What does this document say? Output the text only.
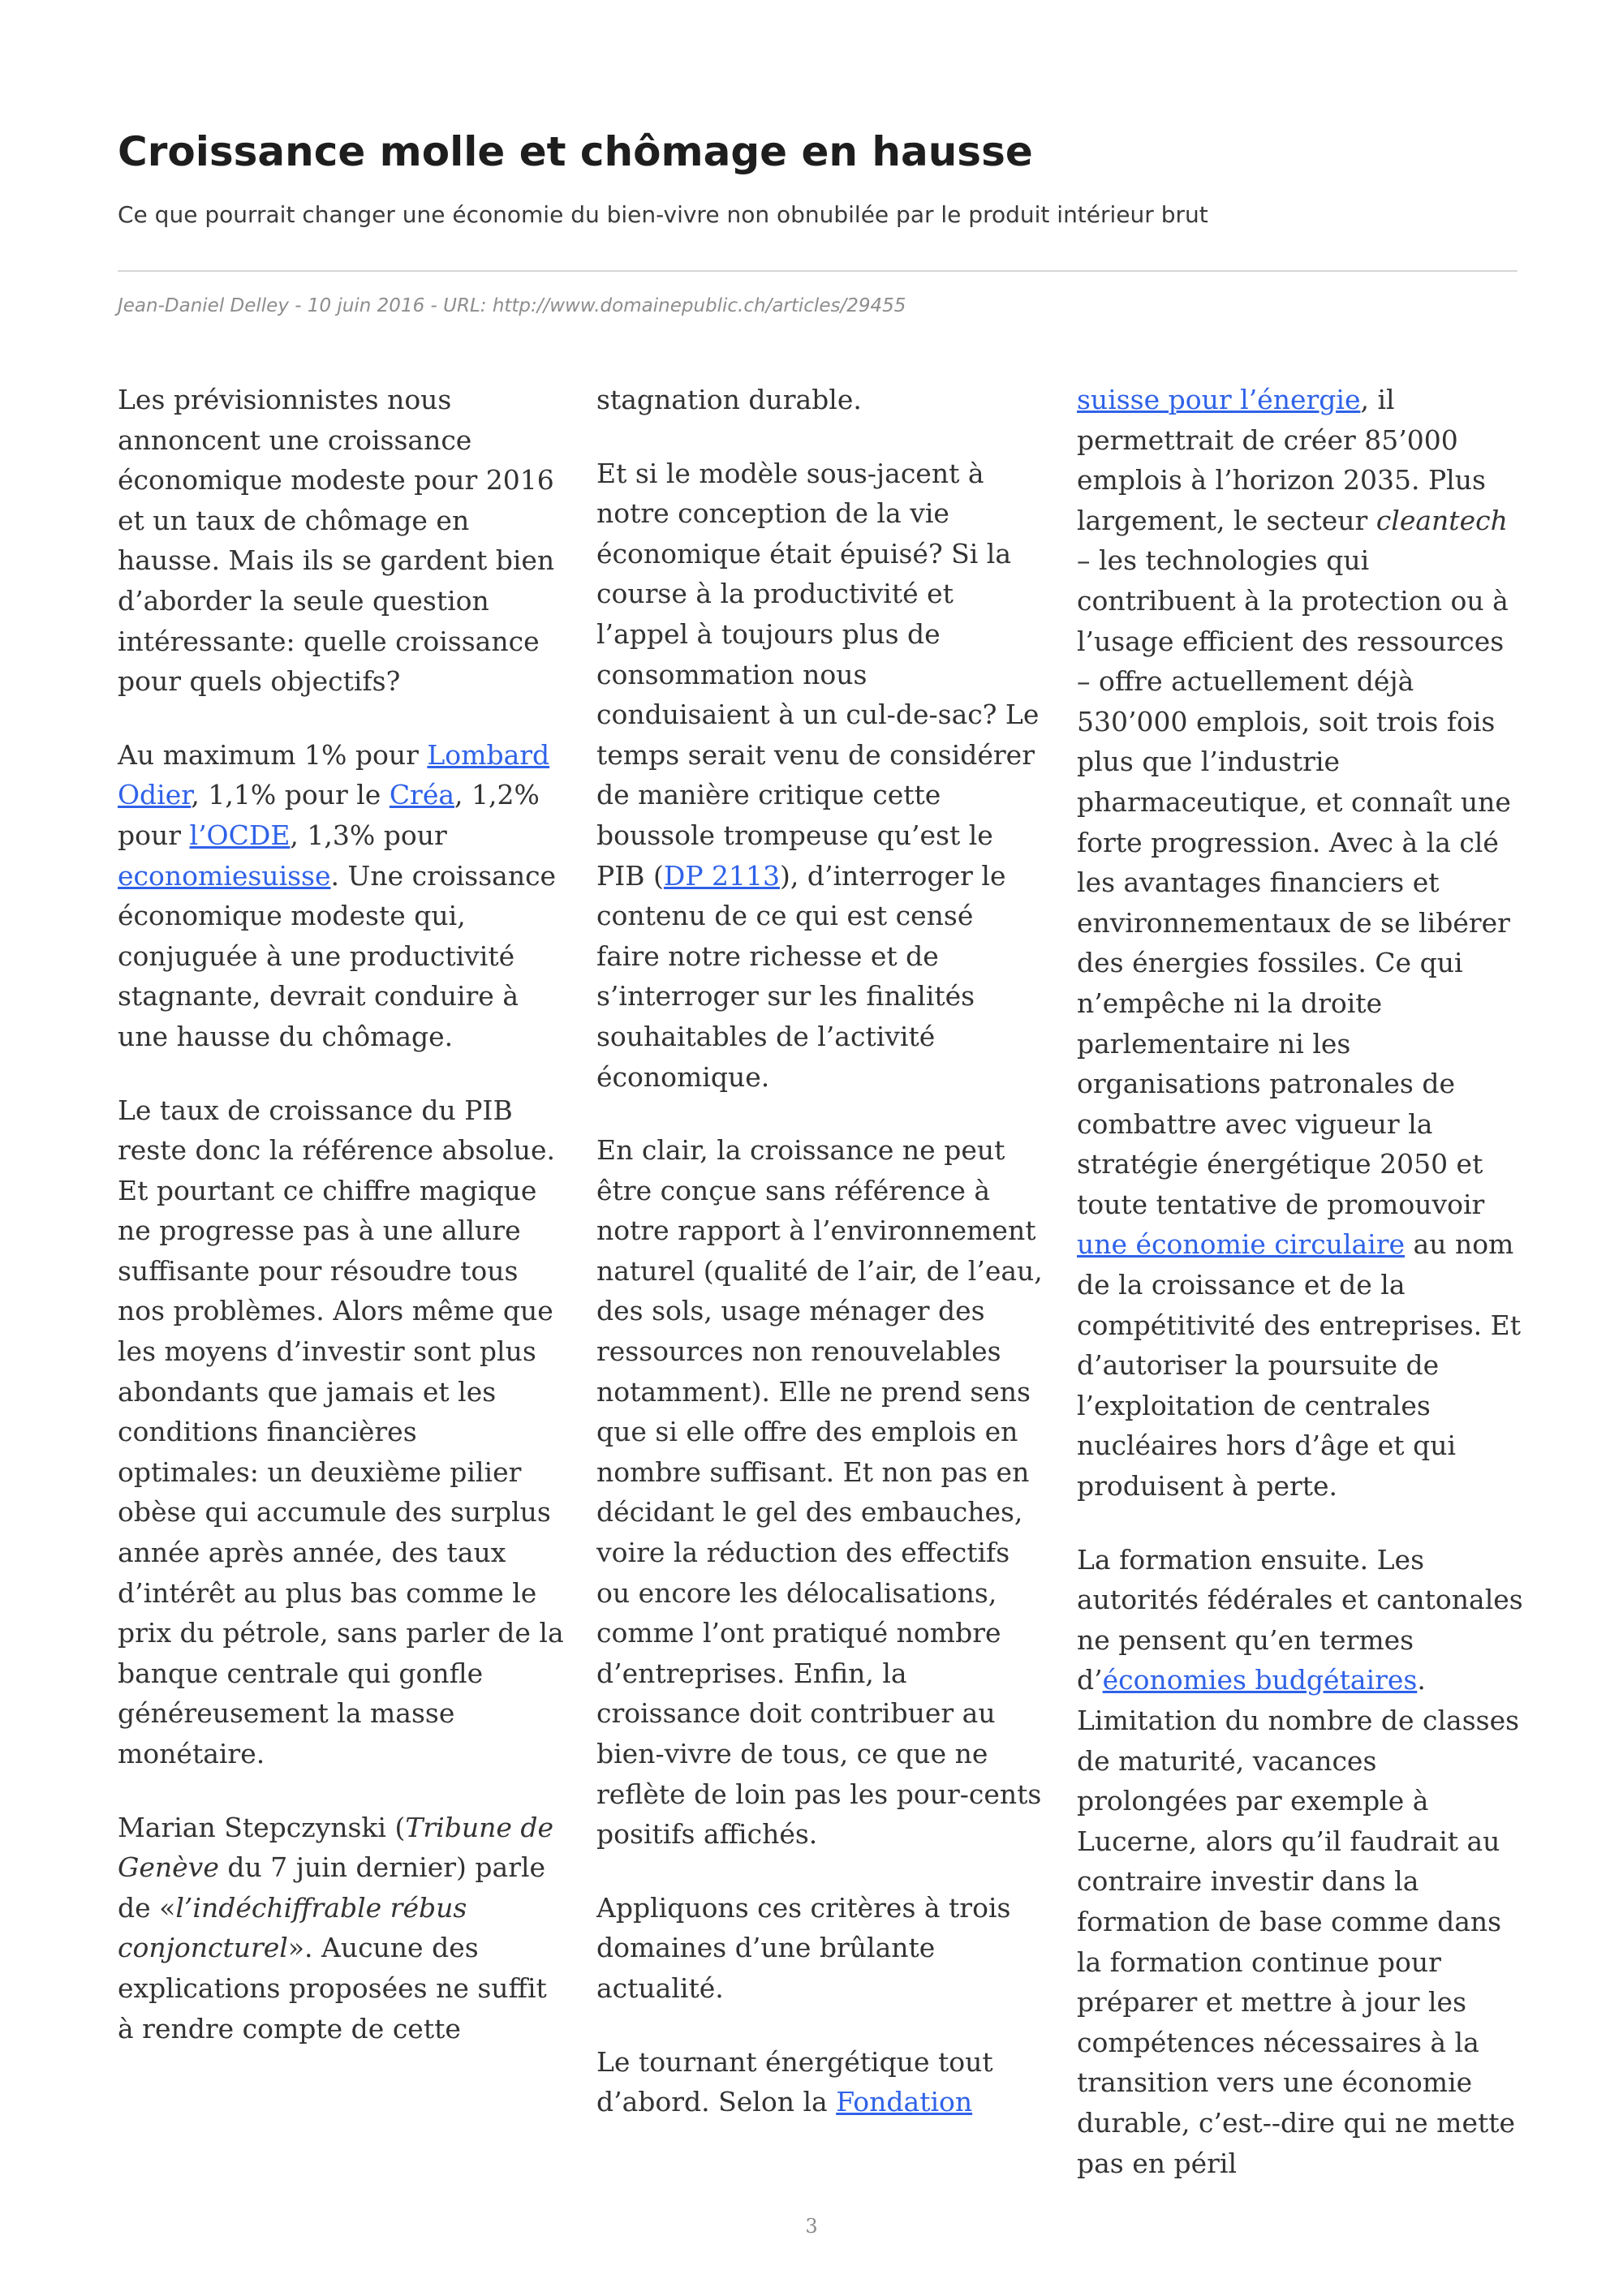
Croissance molle et chômage en hausse

Ce que pourrait changer une économie du bien-vivre non obnubilée par le produit intérieur brut

Jean-Daniel Delley - 10 juin 2016 - URL: http://www.domainepublic.ch/articles/29455

Les prévisionnistes nous annoncent une croissance économique modeste pour 2016 et un taux de chômage en hausse. Mais ils se gardent bien d’aborder la seule question intéressante: quelle croissance pour quels objectifs?

Au maximum 1% pour Lombard Odier, 1,1% pour le Créa, 1,2% pour l’OCDE, 1,3% pour economiesuisse. Une croissance économique modeste qui, conjuguée à une productivité stagnante, devrait conduire à une hausse du chômage.

Le taux de croissance du PIB reste donc la référence absolue. Et pourtant ce chiffre magique ne progresse pas à une allure suffisante pour résoudre tous nos problèmes. Alors même que les moyens d’investir sont plus abondants que jamais et les conditions financières optimales: un deuxième pilier obèse qui accumule des surplus année après année, des taux d’intérêt au plus bas comme le prix du pétrole, sans parler de la banque centrale qui gonfle généreusement la masse monétaire.

Marian Stepczynski (Tribune de Genève du 7 juin dernier) parle de «l’indéchiffrable rébus conjoncturel». Aucune des explications proposées ne suffit à rendre compte de cette

stagnation durable.

Et si le modèle sous-jacent à notre conception de la vie économique était épuisé? Si la course à la productivité et l’appel à toujours plus de consommation nous conduisaient à un cul-de-sac? Le temps serait venu de considérer de manière critique cette boussole trompeuse qu’est le PIB (DP 2113), d’interroger le contenu de ce qui est censé faire notre richesse et de s’interroger sur les finalités souhaitables de l’activité économique.

En clair, la croissance ne peut être conçue sans référence à notre rapport à l’environnement naturel (qualité de l’air, de l’eau, des sols, usage ménager des ressources non renouvelables notamment). Elle ne prend sens que si elle offre des emplois en nombre suffisant. Et non pas en décidant le gel des embauches, voire la réduction des effectifs ou encore les délocalisations, comme l’ont pratiqué nombre d’entreprises. Enfin, la croissance doit contribuer au bien-vivre de tous, ce que ne reflète de loin pas les pour-cents positifs affichés.

Appliquons ces critères à trois domaines d’une brûlante actualité.

Le tournant énergétique tout d’abord. Selon la Fondation

suisse pour l’énergie, il permettrait de créer 85’000 emplois à l’horizon 2035. Plus largement, le secteur cleantech – les technologies qui contribuent à la protection ou à l’usage efficient des ressources – offre actuellement déjà 530’000 emplois, soit trois fois plus que l’industrie pharmaceutique, et connaît une forte progression. Avec à la clé les avantages financiers et environnementaux de se libérer des énergies fossiles. Ce qui n’empêche ni la droite parlementaire ni les organisations patronales de combattre avec vigueur la stratégie énergétique 2050 et toute tentative de promouvoir une économie circulaire au nom de la croissance et de la compétitivité des entreprises. Et d’autoriser la poursuite de l’exploitation de centrales nucléaires hors d’âge et qui produisent à perte.

La formation ensuite. Les autorités fédérales et cantonales ne pensent qu’en termes d’économies budgétaires. Limitation du nombre de classes de maturité, vacances prolongées par exemple à Lucerne, alors qu’il faudrait au contraire investir dans la formation de base comme dans la formation continue pour préparer et mettre à jour les compétences nécessaires à la transition vers une économie durable, c’est--dire qui ne mette pas en péril

3
